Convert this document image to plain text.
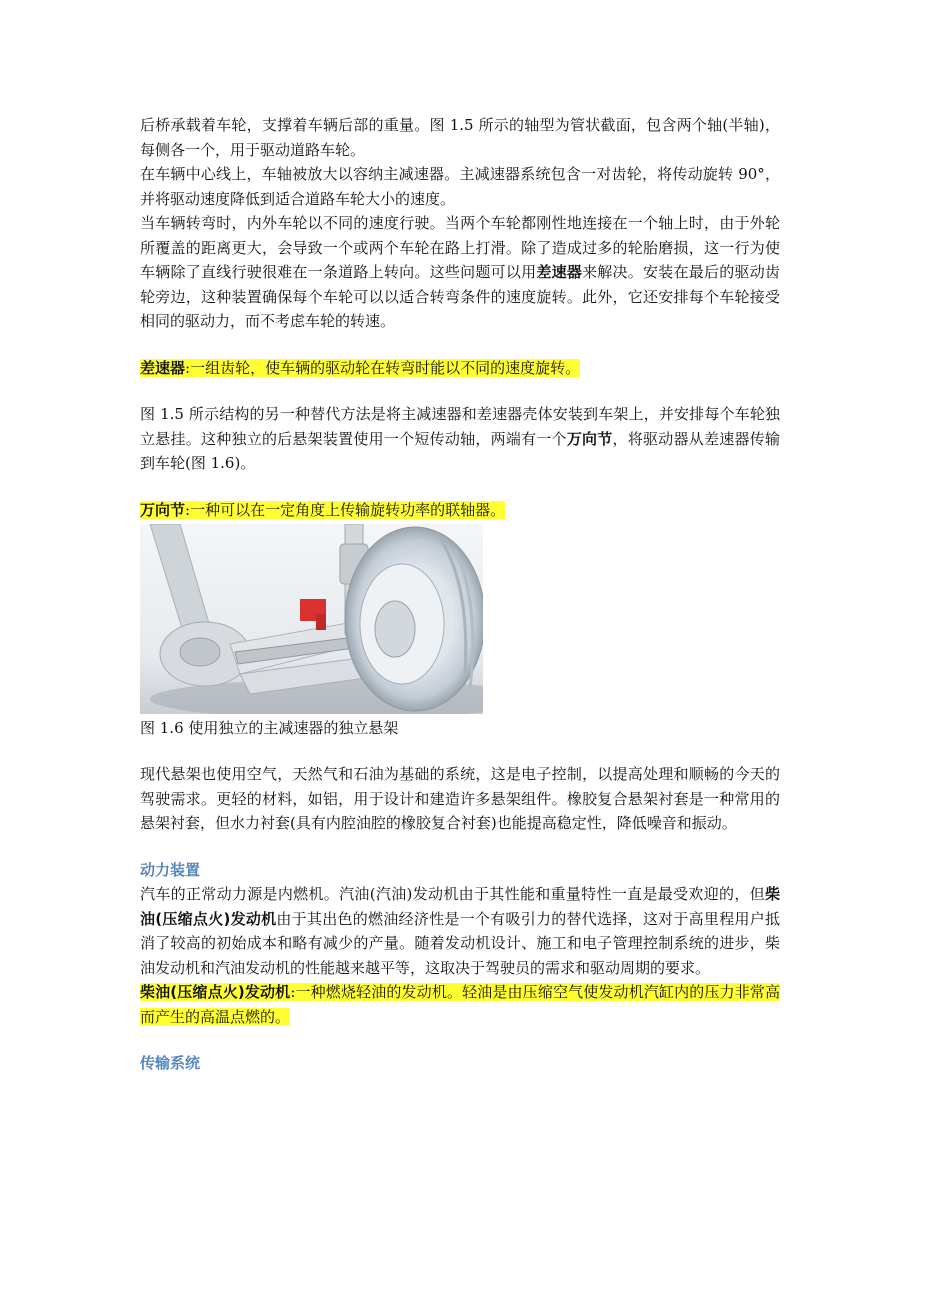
后桥承载着车轮，支撑着车辆后部的重量。图 1.5 所示的轴型为管状截面，包含两个轴(半轴)，每侧各一个，用于驱动道路车轮。

在车辆中心线上，车轴被放大以容纳主减速器。主减速器系统包含一对齿轮，将传动旋转 90°，并将驱动速度降低到适合道路车轮大小的速度。

当车辆转弯时，内外车轮以不同的速度行驶。当两个车轮都刚性地连接在一个轴上时，由于外轮所覆盖的距离更大，会导致一个或两个车轮在路上打滑。除了造成过多的轮胎磨损，这一行为使车辆除了直线行驶很难在一条道路上转向。这些问题可以用差速器来解决。安装在最后的驱动齿轮旁边，这种装置确保每个车轮可以以适合转弯条件的速度旋转。此外，它还安排每个车轮接受相同的驱动力，而不考虑车轮的转速。

差速器:一组齿轮，使车辆的驱动轮在转弯时能以不同的速度旋转。

图 1.5 所示结构的另一种替代方法是将主减速器和差速器壳体安装到车架上，并安排每个车轮独立悬挂。这种独立的后悬架装置使用一个短传动轴，两端有一个万向节，将驱动器从差速器传输到车轮(图 1.6)。

万向节:一种可以在一定角度上传输旋转功率的联轴器。

图 1.6 使用独立的主减速器的独立悬架

现代悬架也使用空气，天然气和石油为基础的系统，这是电子控制，以提高处理和顺畅的今天的驾驶需求。更轻的材料，如铝，用于设计和建造许多悬架组件。橡胶复合悬架衬套是一种常用的悬架衬套，但水力衬套(具有内腔油腔的橡胶复合衬套)也能提高稳定性，降低噪音和振动。

动力装置

汽车的正常动力源是内燃机。汽油(汽油)发动机由于其性能和重量特性一直是最受欢迎的，但柴油(压缩点火)发动机由于其出色的燃油经济性是一个有吸引力的替代选择，这对于高里程用户抵消了较高的初始成本和略有减少的产量。随着发动机设计、施工和电子管理控制系统的进步，柴油发动机和汽油发动机的性能越来越平等，这取决于驾驶员的需求和驱动周期的要求。

柴油(压缩点火)发动机:一种燃烧轻油的发动机。轻油是由压缩空气使发动机汽缸内的压力非常高而产生的高温点燃的。

传输系统
